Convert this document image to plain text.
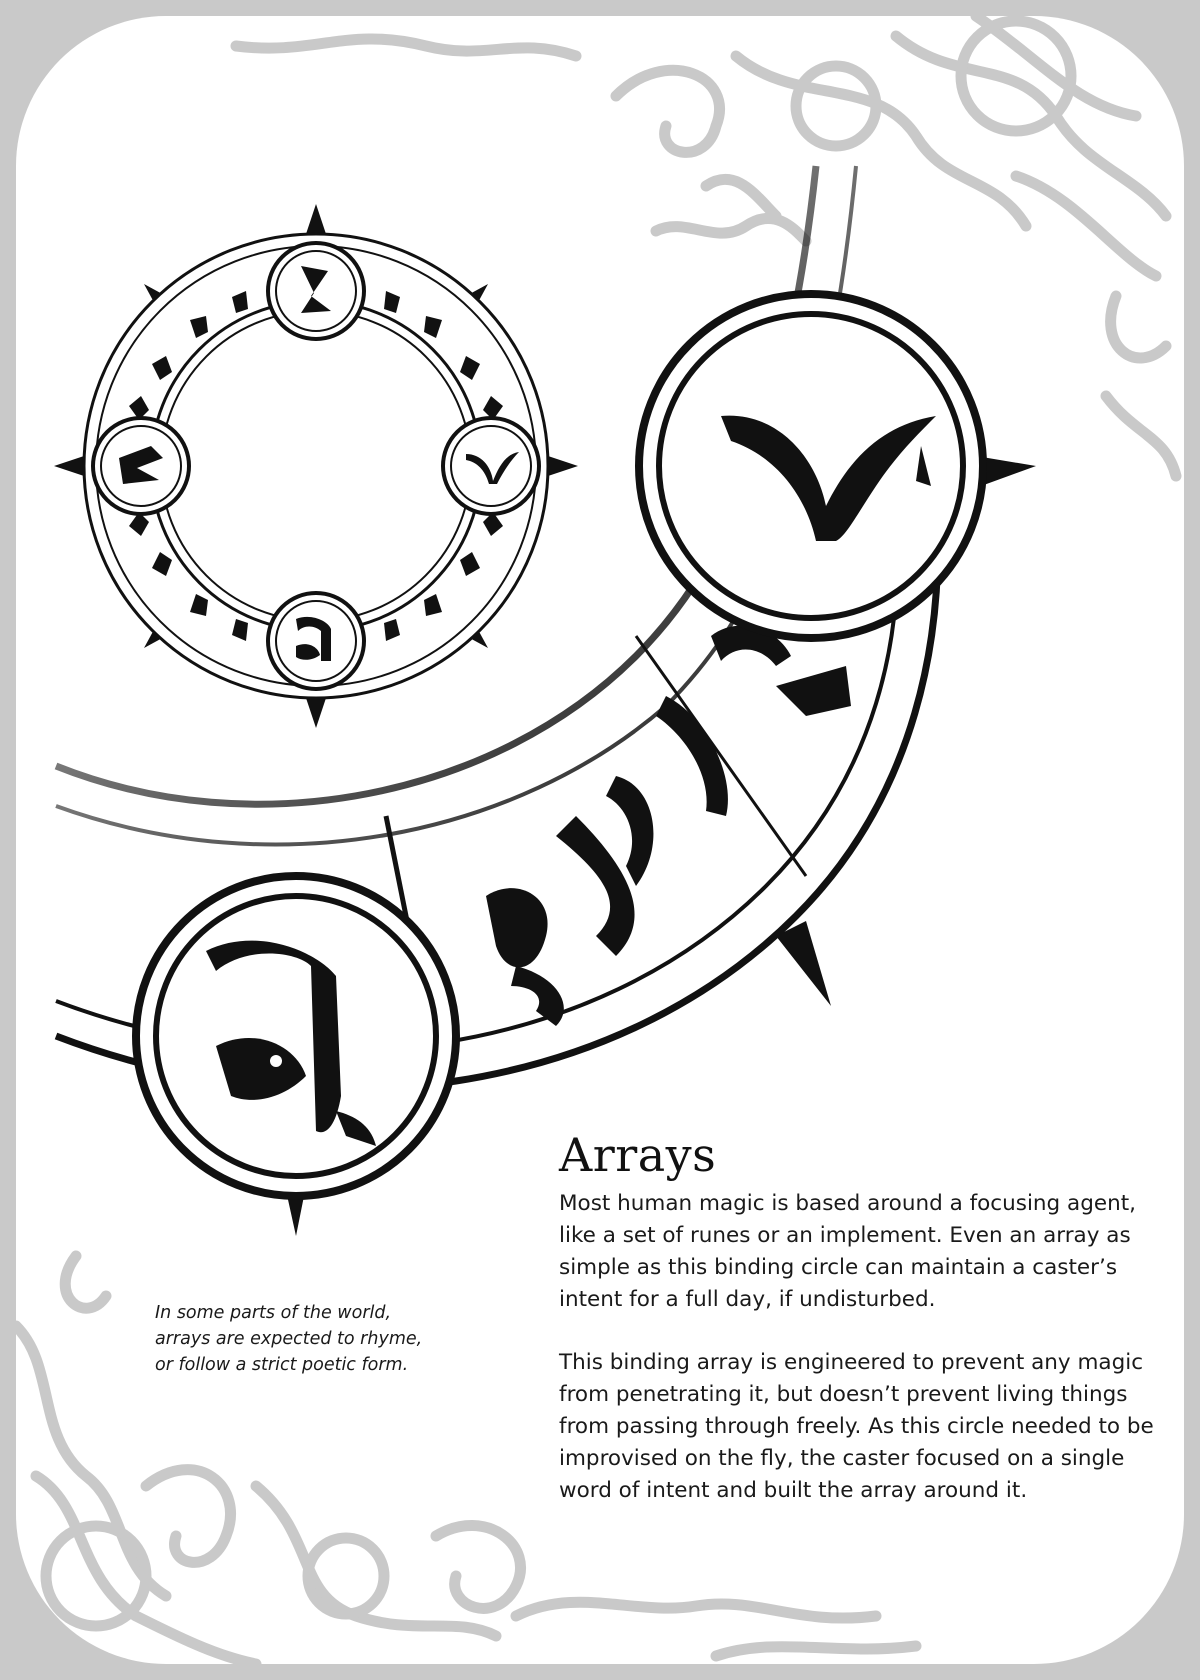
Arrays

Most human magic is based around a focusing agent, like a set of runes or an implement. Even an array as simple as this binding circle can maintain a caster’s intent for a full day, if undisturbed.

This binding array is engineered to prevent any magic from penetrating it, but doesn’t prevent living things from passing through freely. As this circle needed to be improvised on the fly, the caster focused on a single word of intent and built the array around it.

In some parts of the world,
arrays are expected to rhyme,
or follow a strict poetic form.
